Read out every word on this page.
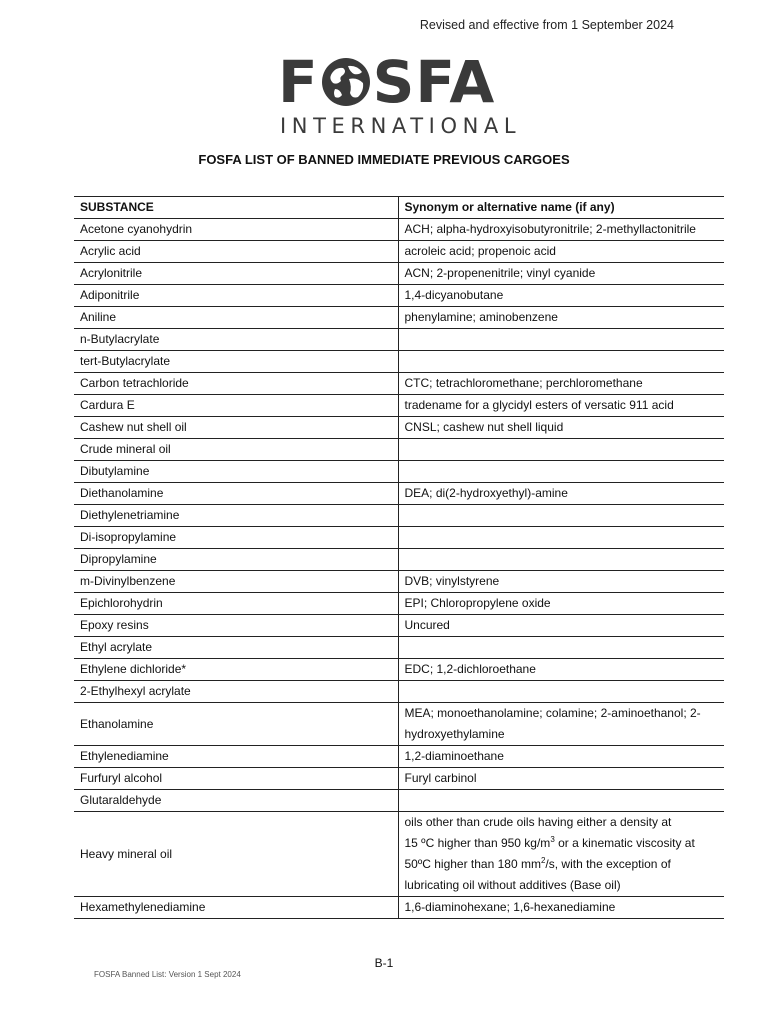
Revised and effective from 1 September 2024
F SFA
INTERNATIONAL
FOSFA LIST OF BANNED IMMEDIATE PREVIOUS CARGOES
SUBSTANCE	Synonym or alternative name (if any)
Acetone cyanohydrin	ACH; alpha-hydroxyisobutyronitrile; 2-methyllactonitrile
Acrylic acid	acroleic acid; propenoic acid
Acrylonitrile	ACN; 2-propenenitrile; vinyl cyanide
Adiponitrile	1,4-dicyanobutane
Aniline	phenylamine; aminobenzene
n-Butylacrylate	
tert-Butylacrylate	
Carbon tetrachloride	CTC; tetrachloromethane; perchloromethane
Cardura E	tradename for a glycidyl esters of versatic 911 acid
Cashew nut shell oil	CNSL; cashew nut shell liquid
Crude mineral oil	
Dibutylamine	
Diethanolamine	DEA; di(2-hydroxyethyl)-amine
Diethylenetriamine	
Di-isopropylamine	
Dipropylamine	
m-Divinylbenzene	DVB; vinylstyrene
Epichlorohydrin	EPI; Chloropropylene oxide
Epoxy resins	Uncured
Ethyl acrylate	
Ethylene dichloride*	EDC; 1,2-dichloroethane
2-Ethylhexyl acrylate	
Ethanolamine	MEA; monoethanolamine; colamine; 2-aminoethanol; 2-
hydroxyethylamine

Ethylenediamine	1,2-diaminoethane
Furfuryl alcohol	Furyl carbinol
Glutaraldehyde	
Heavy mineral oil	oils other than crude oils having either a density at
15 ºC higher than 950 $kg/m^3$ or a kinematic viscosity at
50ºC higher than 180 $mm^2/s$, with the exception of
lubricating oil without additives (Base oil)

Hexamethylenediamine	1,6-diaminohexane; 1,6-hexanediamine
B-1
FOSFA Banned List: Version 1 Sept 2024
